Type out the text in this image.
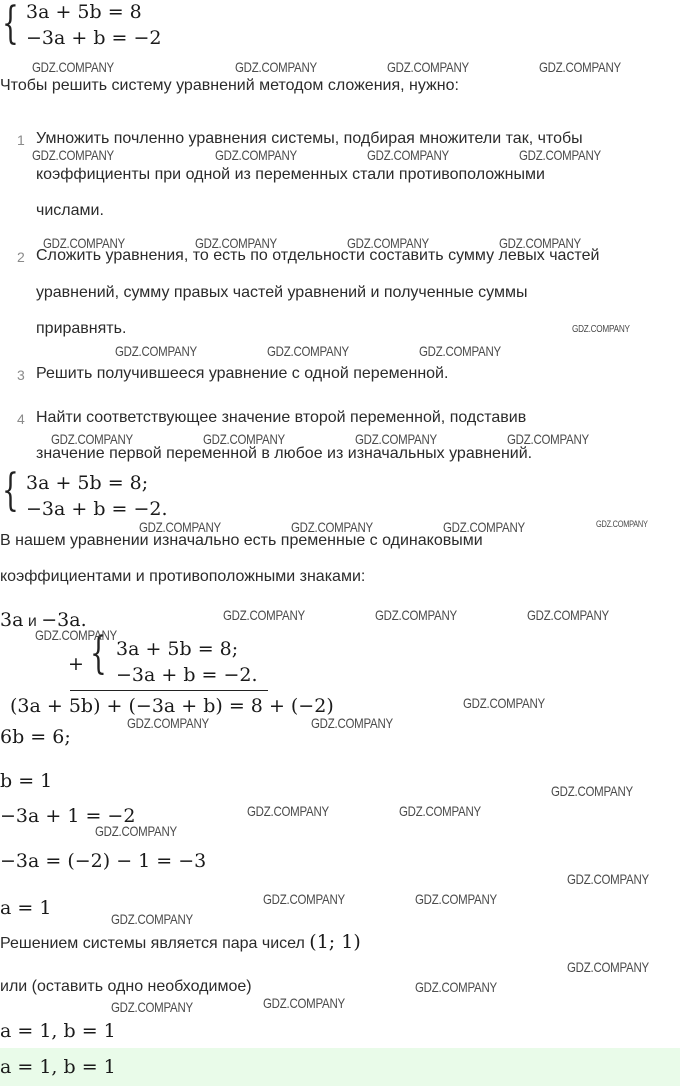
{ 3a + 5b = 8
−3a + b = −2
Чтобы решить систему уравнений методом сложения, нужно:
1 Умножить почленно уравнения системы, подбирая множители так, чтобы
коэффициенты при одной из переменных стали противоположными
числами.
2 Сложить уравнения, то есть по отдельности составить сумму левых частей
уравнений, сумму правых частей уравнений и полученные суммы
приравнять.
3 Решить получившееся уравнение с одной переменной.
4 Найти соответствующее значение второй переменной, подставив
значение первой переменной в любое из изначальных уравнений.
{ 3a + 5b = 8;
−3a + b = −2.
В нашем уравнении изначально есть пременные с одинаковыми
коэффициентами и противоположными знаками:
3a и −3a.
+ { 3a + 5b = 8;
−3a + b = −2.
(3a + 5b) + (−3a + b) = 8 + (−2)
6b = 6;
b = 1
−3a + 1 = −2
−3a = (−2) − 1 = −3
a = 1
Решением системы является пара чисел (1; 1)
или (оставить одно необходимое)
a = 1, b = 1
a = 1, b = 1
GDZ.COMPANY	GDZ.COMPANY	GDZ.COMPANY	GDZ.COMPANY
GDZ.COMPANY	GDZ.COMPANY	GDZ.COMPANY	GDZ.COMPANY
GDZ.COMPANY	GDZ.COMPANY	GDZ.COMPANY	GDZ.COMPANY
GDZ.COMPANY
GDZ.COMPANY	GDZ.COMPANY	GDZ.COMPANY
GDZ.COMPANY	GDZ.COMPANY	GDZ.COMPANY	GDZ.COMPANY
GDZ.COMPANY	GDZ.COMPANY	GDZ.COMPANY	GDZ.COMPANY
GDZ.COMPANY	GDZ.COMPANY	GDZ.COMPANY
GDZ.COMPANY
GDZ.COMPANY
GDZ.COMPANY	GDZ.COMPANY
GDZ.COMPANY
GDZ.COMPANY	GDZ.COMPANY
GDZ.COMPANY
GDZ.COMPANY
GDZ.COMPANY	GDZ.COMPANY
GDZ.COMPANY
GDZ.COMPANY
GDZ.COMPANY
GDZ.COMPANY
GDZ.COMPANY
